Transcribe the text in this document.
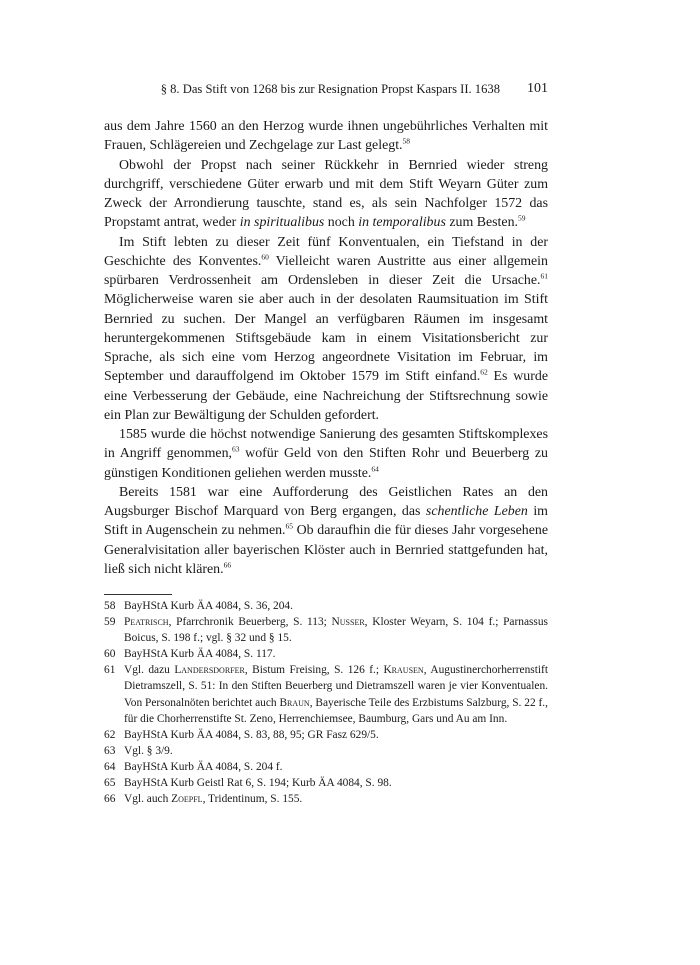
§ 8. Das Stift von 1268 bis zur Resignation Propst Kaspars II. 1638 101

aus dem Jahre 1560 an den Herzog wurde ihnen ungebührliches Verhalten mit Frauen, Schlägereien und Zechgelage zur Last gelegt.$^{58}$

Obwohl der Propst nach seiner Rückkehr in Bernried wieder streng durchgriff, verschiedene Güter erwarb und mit dem Stift Weyarn Güter zum Zweck der Arrondierung tauschte, stand es, als sein Nachfolger 1572 das Propstamt antrat, weder in spiritualibus noch in temporalibus zum Besten.$^{59}$

Im Stift lebten zu dieser Zeit fünf Konventualen, ein Tiefstand in der Geschichte des Konventes.$^{60}$ Vielleicht waren Austritte aus einer allgemein spürbaren Verdrossenheit am Ordensleben in dieser Zeit die Ursache.$^{61}$ Möglicherweise waren sie aber auch in der desolaten Raumsituation im Stift Bernried zu suchen. Der Mangel an verfügbaren Räumen im insgesamt heruntergekommenen Stiftsgebäude kam in einem Visitationsbericht zur Sprache, als sich eine vom Herzog angeordnete Visitation im Februar, im September und darauffolgend im Oktober 1579 im Stift einfand.$^{62}$ Es wurde eine Verbesserung der Gebäude, eine Nachreichung der Stiftsrechnung sowie ein Plan zur Bewältigung der Schulden gefordert.

1585 wurde die höchst notwendige Sanierung des gesamten Stiftskomplexes in Angriff genommen,$^{63}$ wofür Geld von den Stiften Rohr und Beuerberg zu günstigen Konditionen geliehen werden musste.$^{64}$

Bereits 1581 war eine Aufforderung des Geistlichen Rates an den Augsburger Bischof Marquard von Berg ergangen, das schentliche Leben im Stift in Augenschein zu nehmen.$^{65}$ Ob daraufhin die für dieses Jahr vorgesehene Generalvisitation aller bayerischen Klöster auch in Bernried stattgefunden hat, ließ sich nicht klären.$^{66}$

58 BayHStA Kurb ÄA 4084, S. 36, 204.
59 Peatrisch, Pfarrchronik Beuerberg, S. 113; Nusser, Kloster Weyarn, S. 104 f.; Parnassus Boicus, S. 198 f.; vgl. § 32 und § 15.
60 BayHStA Kurb ÄA 4084, S. 117.
61 Vgl. dazu Landersdorfer, Bistum Freising, S. 126 f.; Krausen, Augustinerchorherrenstift Dietramszell, S. 51: In den Stiften Beuerberg und Dietramszell waren je vier Konventualen. Von Personalnöten berichtet auch Braun, Bayerische Teile des Erzbistums Salzburg, S. 22 f., für die Chorherrenstifte St. Zeno, Herrenchiemsee, Baumburg, Gars und Au am Inn.
62 BayHStA Kurb ÄA 4084, S. 83, 88, 95; GR Fasz 629/5.
63 Vgl. § 3/9.
64 BayHStA Kurb ÄA 4084, S. 204 f.
65 BayHStA Kurb Geistl Rat 6, S. 194; Kurb ÄA 4084, S. 98.
66 Vgl. auch Zoepfl, Tridentinum, S. 155.
